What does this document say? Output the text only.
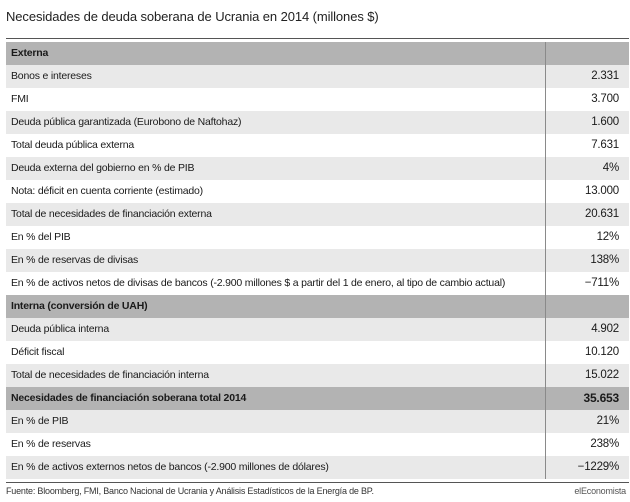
Necesidades de deuda soberana de Ucrania en 2014 (millones $)
Externa
Bonos e intereses	2.331
FMI	3.700
Deuda pública garantizada (Eurobono de Naftohaz)	1.600
Total deuda pública externa	7.631
Deuda externa del gobierno en % de PIB	4%
Nota: déficit en cuenta corriente (estimado)	13.000
Total de necesidades de financiación externa	20.631
En % del PIB	12%
En % de reservas de divisas	138%
En % de activos netos de divisas de bancos (-2.900 millones $ a partir del 1 de enero, al tipo de cambio actual)	−711%
Interna (conversión de UAH)
Deuda pública interna	4.902
Déficit fiscal	10.120
Total de necesidades de financiación interna	15.022
Necesidades de financiación soberana total 2014	35.653
En % de PIB	21%
En % de reservas	238%
En % de activos externos netos de bancos (-2.900 millones de dólares)	−1229%
Fuente: Bloomberg, FMI, Banco Nacional de Ucrania y Análisis Estadísticos de la Energía de BP.	elEconomista
